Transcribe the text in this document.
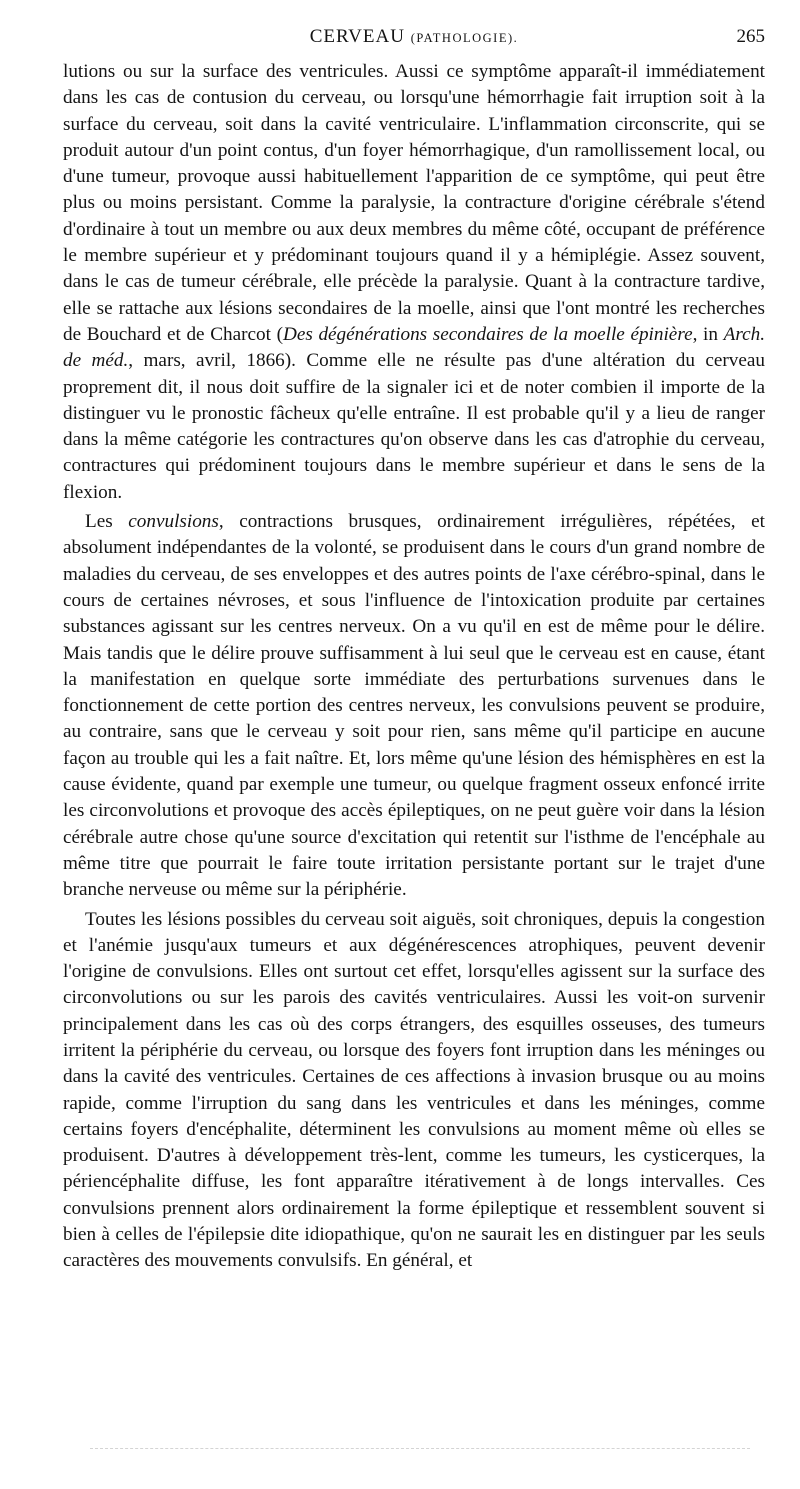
CERVEAU (PATHOLOGIE).	265

lutions ou sur la surface des ventricules. Aussi ce symptôme apparaît-il immédiatement dans les cas de contusion du cerveau, ou lorsqu'une hémorrhagie fait irruption soit à la surface du cerveau, soit dans la cavité ventriculaire. L'inflammation circonscrite, qui se produit autour d'un point contus, d'un foyer hémorrhagique, d'un ramollissement local, ou d'une tumeur, provoque aussi habituellement l'apparition de ce symptôme, qui peut être plus ou moins persistant. Comme la paralysie, la contracture d'origine cérébrale s'étend d'ordinaire à tout un membre ou aux deux membres du même côté, occupant de préférence le membre supérieur et y prédominant toujours quand il y a hémiplégie. Assez souvent, dans le cas de tumeur cérébrale, elle précède la paralysie. Quant à la contracture tardive, elle se rattache aux lésions secondaires de la moelle, ainsi que l'ont montré les recherches de Bouchard et de Charcot (Des dégénérations secondaires de la moelle épinière, in Arch. de méd., mars, avril, 1866). Comme elle ne résulte pas d'une altération du cerveau proprement dit, il nous doit suffire de la signaler ici et de noter combien il importe de la distinguer vu le pronostic fâcheux qu'elle entraîne. Il est probable qu'il y a lieu de ranger dans la même catégorie les contractures qu'on observe dans les cas d'atrophie du cerveau, contractures qui prédominent toujours dans le membre supérieur et dans le sens de la flexion.

Les convulsions, contractions brusques, ordinairement irrégulières, répétées, et absolument indépendantes de la volonté, se produisent dans le cours d'un grand nombre de maladies du cerveau, de ses enveloppes et des autres points de l'axe cérébro-spinal, dans le cours de certaines névroses, et sous l'influence de l'intoxication produite par certaines substances agissant sur les centres nerveux. On a vu qu'il en est de même pour le délire. Mais tandis que le délire prouve suffisamment à lui seul que le cerveau est en cause, étant la manifestation en quelque sorte immédiate des perturbations survenues dans le fonctionnement de cette portion des centres nerveux, les convulsions peuvent se produire, au contraire, sans que le cerveau y soit pour rien, sans même qu'il participe en aucune façon au trouble qui les a fait naître. Et, lors même qu'une lésion des hémisphères en est la cause évidente, quand par exemple une tumeur, ou quelque fragment osseux enfoncé irrite les circonvolutions et provoque des accès épileptiques, on ne peut guère voir dans la lésion cérébrale autre chose qu'une source d'excitation qui retentit sur l'isthme de l'encéphale au même titre que pourrait le faire toute irritation persistante portant sur le trajet d'une branche nerveuse ou même sur la périphérie.

Toutes les lésions possibles du cerveau soit aiguës, soit chroniques, depuis la congestion et l'anémie jusqu'aux tumeurs et aux dégénérescences atrophiques, peuvent devenir l'origine de convulsions. Elles ont surtout cet effet, lorsqu'elles agissent sur la surface des circonvolutions ou sur les parois des cavités ventriculaires. Aussi les voit-on survenir principalement dans les cas où des corps étrangers, des esquilles osseuses, des tumeurs irritent la périphérie du cerveau, ou lorsque des foyers font irruption dans les méninges ou dans la cavité des ventricules. Certaines de ces affections à invasion brusque ou au moins rapide, comme l'irruption du sang dans les ventricules et dans les méninges, comme certains foyers d'encéphalite, déterminent les convulsions au moment même où elles se produisent. D'autres à développement très-lent, comme les tumeurs, les cysticerques, la périencéphalite diffuse, les font apparaître itérativement à de longs intervalles. Ces convulsions prennent alors ordinairement la forme épileptique et ressemblent souvent si bien à celles de l'épilepsie dite idiopathique, qu'on ne saurait les en distinguer par les seuls caractères des mouvements convulsifs. En général, et
